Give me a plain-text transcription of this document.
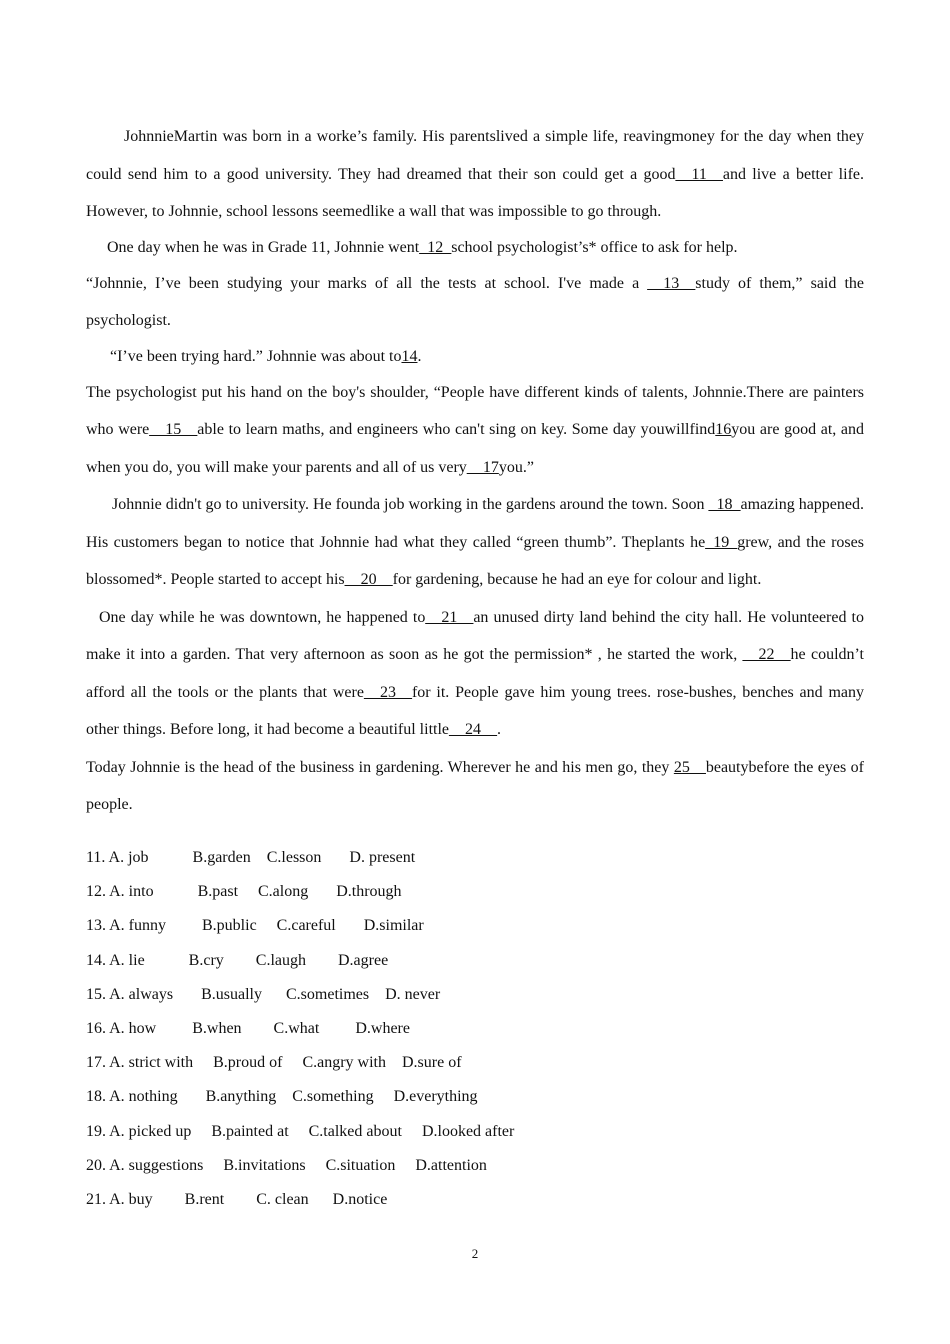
JohnnieMartin was born in a worke’s family. His parentslived a simple life, reavingmoney for the day when they could send him to a good university. They had dreamed that their son could get a good__11__and live a better life. However, to Johnnie, school lessons seemedlike a wall that was impossible to go through.

One day when he was in Grade 11, Johnnie went_12_school psychologist’s* office to ask for help.

“Johnnie, I’ve been studying your marks of all the tests at school. I've made a __13__study of them,” said the psychologist.

“I’ve been trying hard.” Johnnie was about to14.

The psychologist put his hand on the boy's shoulder, “People have different kinds of talents, Johnnie.There are painters who were__15__able to learn maths, and engineers who can't sing on key. Some day youwillfind16you are good at, and when you do, you will make your parents and all of us very__17you.”

Johnnie didn't go to university. He founda job working in the gardens around the town. Soon _18_amazing happened. His customers began to notice that Johnnie had what they called “green thumb”. Theplants he_19_grew, and the roses blossomed*. People started to accept his__20__for gardening, because he had an eye for colour and light.

One day while he was downtown, he happened to__21__an unused dirty land behind the city hall. He volunteered to make it into a garden. That very afternoon as soon as he got the permission* , he started the work, __22__he couldn’t afford all the tools or the plants that were__23__for it. People gave him young trees. rose-bushes, benches and many other things. Before long, it had become a beautiful little__24__.

Today Johnnie is the head of the business in gardening. Wherever he and his men go, they 25__beautybefore the eyes of people.

11. A. job           B.garden    C.lesson       D. present
12. A. into           B.past     C.along       D.through
13. A. funny         B.public     C.careful       D.similar
14. A. lie           B.cry        C.laugh        D.agree
15. A. always       B.usually      C.sometimes    D. never
16. A. how         B.when        C.what         D.where
17. A. strict with     B.proud of     C.angry with    D.sure of
18. A. nothing       B.anything    C.something     D.everything
19. A. picked up     B.painted at     C.talked about     D.looked after
20. A. suggestions     B.invitations     C.situation     D.attention
21. A. buy        B.rent        C. clean      D.notice
2
